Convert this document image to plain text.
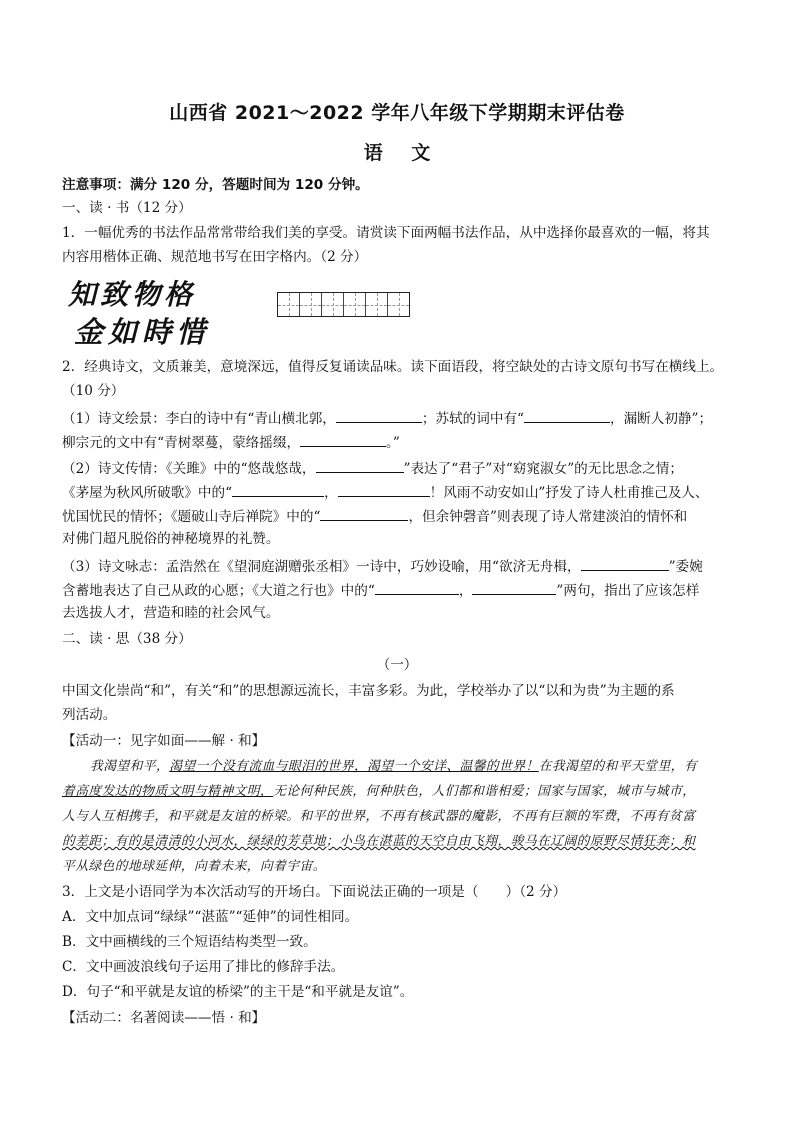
山西省 2021～2022 学年八年级下学期期末评估卷
语 文
注意事项：满分 120 分，答题时间为 120 分钟。
一、读 · 书（12 分）
1．一幅优秀的书法作品常常带给我们美的享受。请赏读下面两幅书法作品，从中选择你最喜欢的一幅，将其
内容用楷体正确、规范地书写在田字格内。（2 分）
知致物格
金如時惜
2．经典诗文，文质兼美，意境深远，值得反复诵读品味。读下面语段，将空缺处的古诗文原句书写在横线上。
（10 分）
（1）诗文绘景：李白的诗中有“青山横北郭，	；苏轼的词中有“	，漏断人初静”；
柳宗元的文中有“青树翠蔓，蒙络摇缀，	。”
（2）诗文传情：《关雎》中的“悠哉悠哉，	”表达了“君子”对“窈窕淑女”的无比思念之情；
《茅屋为秋风所破歌》中的“	，	！风雨不动安如山”抒发了诗人杜甫推己及人、
忧国忧民的情怀；《题破山寺后禅院》中的“	，但余钟磬音”则表现了诗人常建淡泊的情怀和
对佛门超凡脱俗的神秘境界的礼赞。
（3）诗文咏志：孟浩然在《望洞庭湖赠张丞相》一诗中，巧妙设喻，用“欲济无舟楫，	”委婉
含蓄地表达了自己从政的心愿；《大道之行也》中的“	，	”两句，指出了应该怎样
去选拔人才，营造和睦的社会风气。
二、读 · 思（38 分）
（一）
中国文化崇尚“和”，有关“和”的思想源远流长，丰富多彩。为此，学校举办了以“以和为贵”为主题的系
列活动。
【活动一：见字如面——解 · 和】
我渴望和平，渴望一个没有流血与眼泪的世界，渴望一个安详、温馨的世界！在我渴望的和平天堂里，有
着高度发达的物质文明与精神文明，无论何种民族，何种肤色，人们都和谐相爱；国家与国家，城市与城市，
人与人互相携手，和平就是友谊的桥梁。和平的世界，不再有核武器的魔影，不再有巨额的军费，不再有贫富
的差距；有的是清清的小河水，绿绿的芳草地；小鸟在湛蓝的天空自由飞翔，骏马在辽阔的原野尽情狂奔；和
平从绿色的地球延伸，向着未来，向着宇宙。
3．上文是小语同学为本次活动写的开场白。下面说法正确的一项是（　　）（2 分）
A．文中加点词“绿绿”“湛蓝”“延伸”的词性相同。
B．文中画横线的三个短语结构类型一致。
C．文中画波浪线句子运用了排比的修辞手法。
D．句子“和平就是友谊的桥梁”的主干是“和平就是友谊”。
【活动二：名著阅读——悟 · 和】
